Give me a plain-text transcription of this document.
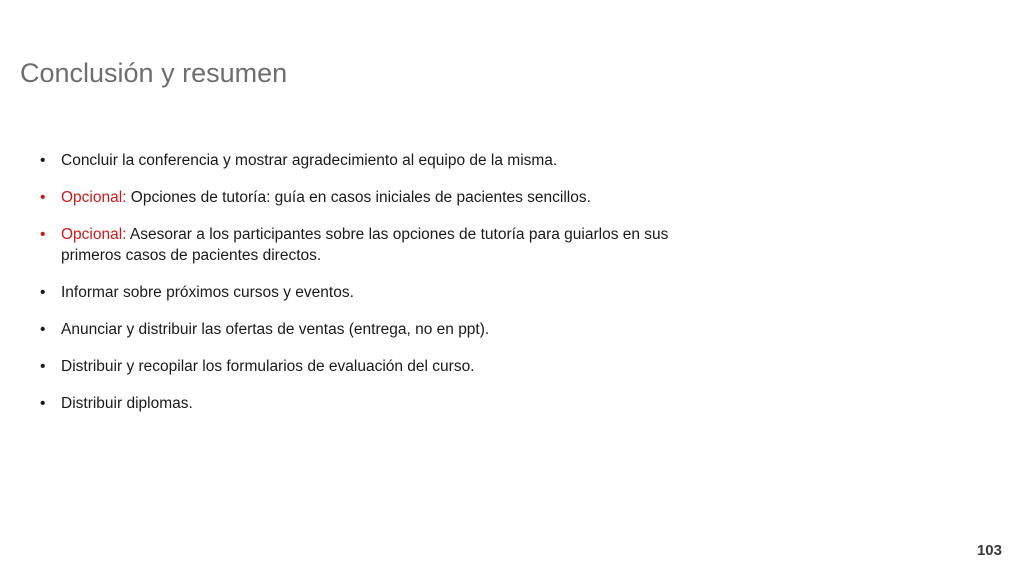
Conclusión y resumen
• Concluir la conferencia y mostrar agradecimiento al equipo de la misma.
• Opcional: Opciones de tutoría: guía en casos iniciales de pacientes sencillos.
• Opcional: Asesorar a los participantes sobre las opciones de tutoría para guiarlos en sus primeros casos de pacientes directos.
• Informar sobre próximos cursos y eventos.
• Anunciar y distribuir las ofertas de ventas (entrega, no en ppt).
• Distribuir y recopilar los formularios de evaluación del curso.
• Distribuir diplomas.
103
